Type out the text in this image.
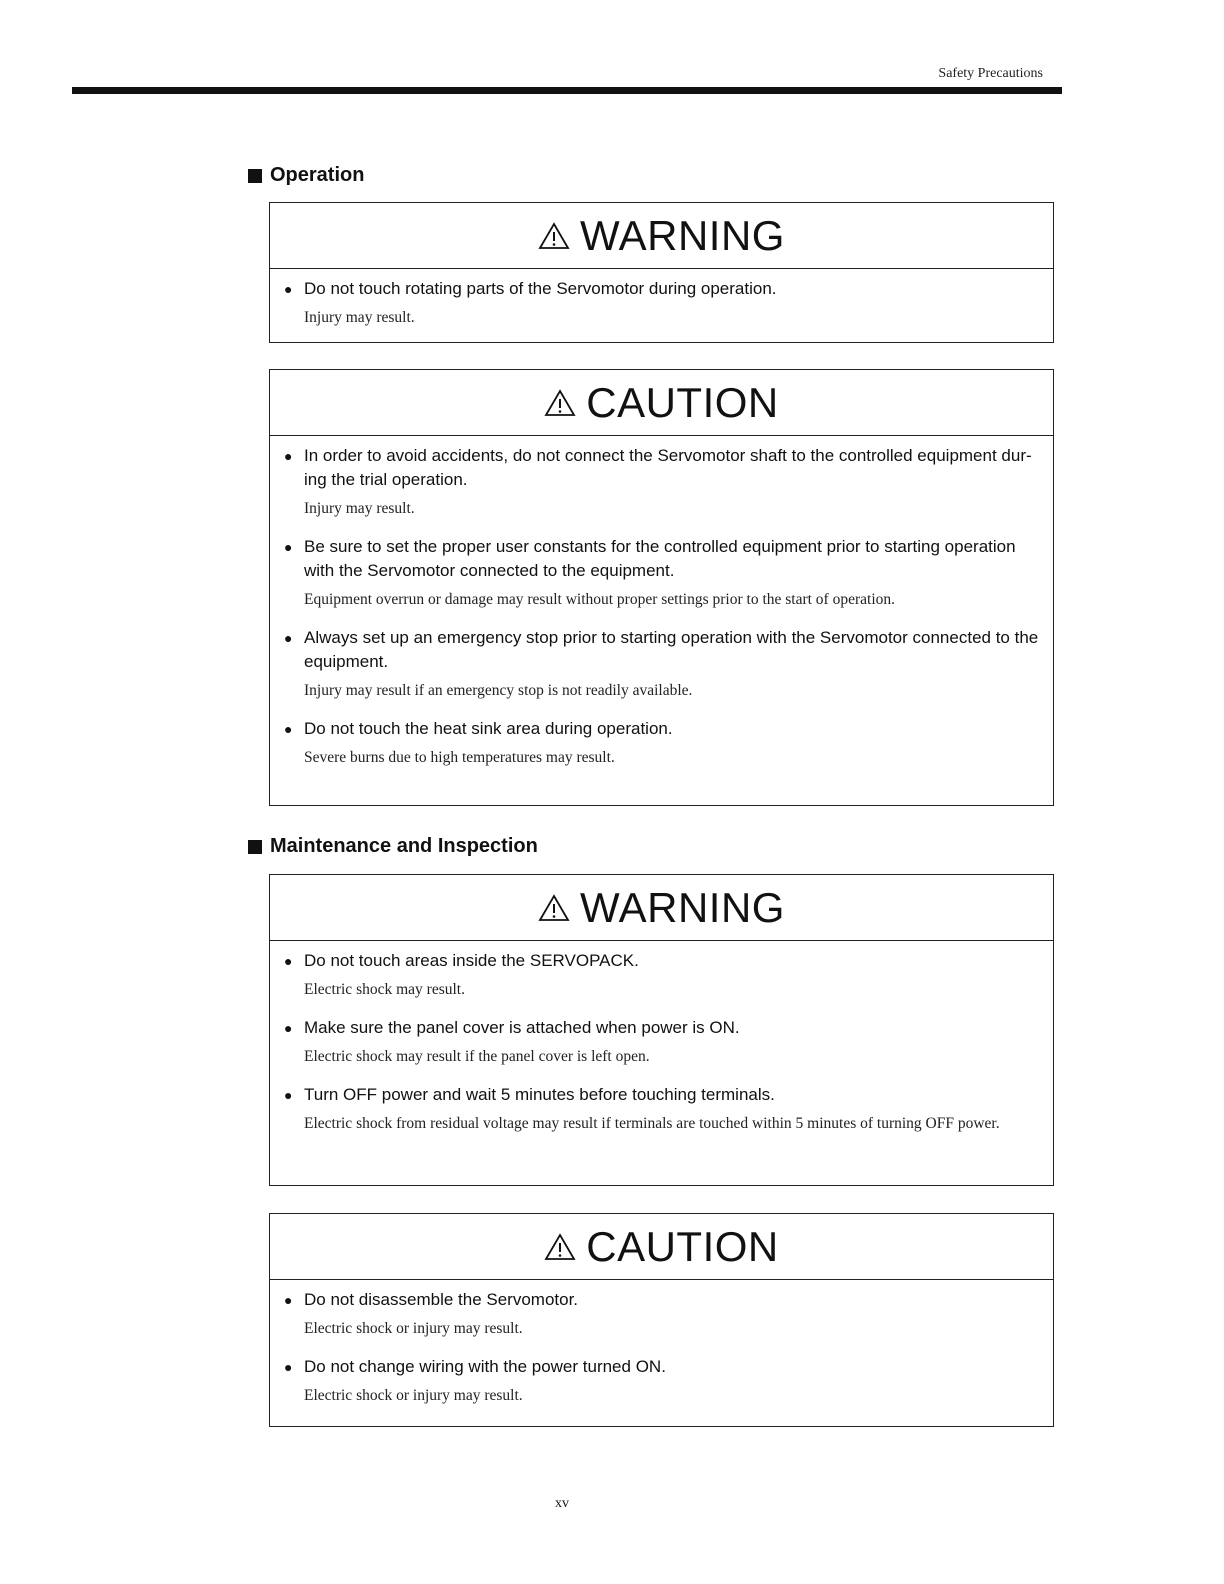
Safety Precautions
Operation
WARNING
● Do not touch rotating parts of the Servomotor during operation.
Injury may result.
CAUTION
● In order to avoid accidents, do not connect the Servomotor shaft to the controlled equipment dur-ing the trial operation.
Injury may result.
● Be sure to set the proper user constants for the controlled equipment prior to starting operation with the Servomotor connected to the equipment.
Equipment overrun or damage may result without proper settings prior to the start of operation.
● Always set up an emergency stop prior to starting operation with the Servomotor connected to the equipment.
Injury may result if an emergency stop is not readily available.
● Do not touch the heat sink area during operation.
Severe burns due to high temperatures may result.
Maintenance and Inspection
WARNING
● Do not touch areas inside the SERVOPACK.
Electric shock may result.
● Make sure the panel cover is attached when power is ON.
Electric shock may result if the panel cover is left open.
● Turn OFF power and wait 5 minutes before touching terminals.
Electric shock from residual voltage may result if terminals are touched within 5 minutes of turning OFF power.
CAUTION
● Do not disassemble the Servomotor.
Electric shock or injury may result.
● Do not change wiring with the power turned ON.
Electric shock or injury may result.
xv
